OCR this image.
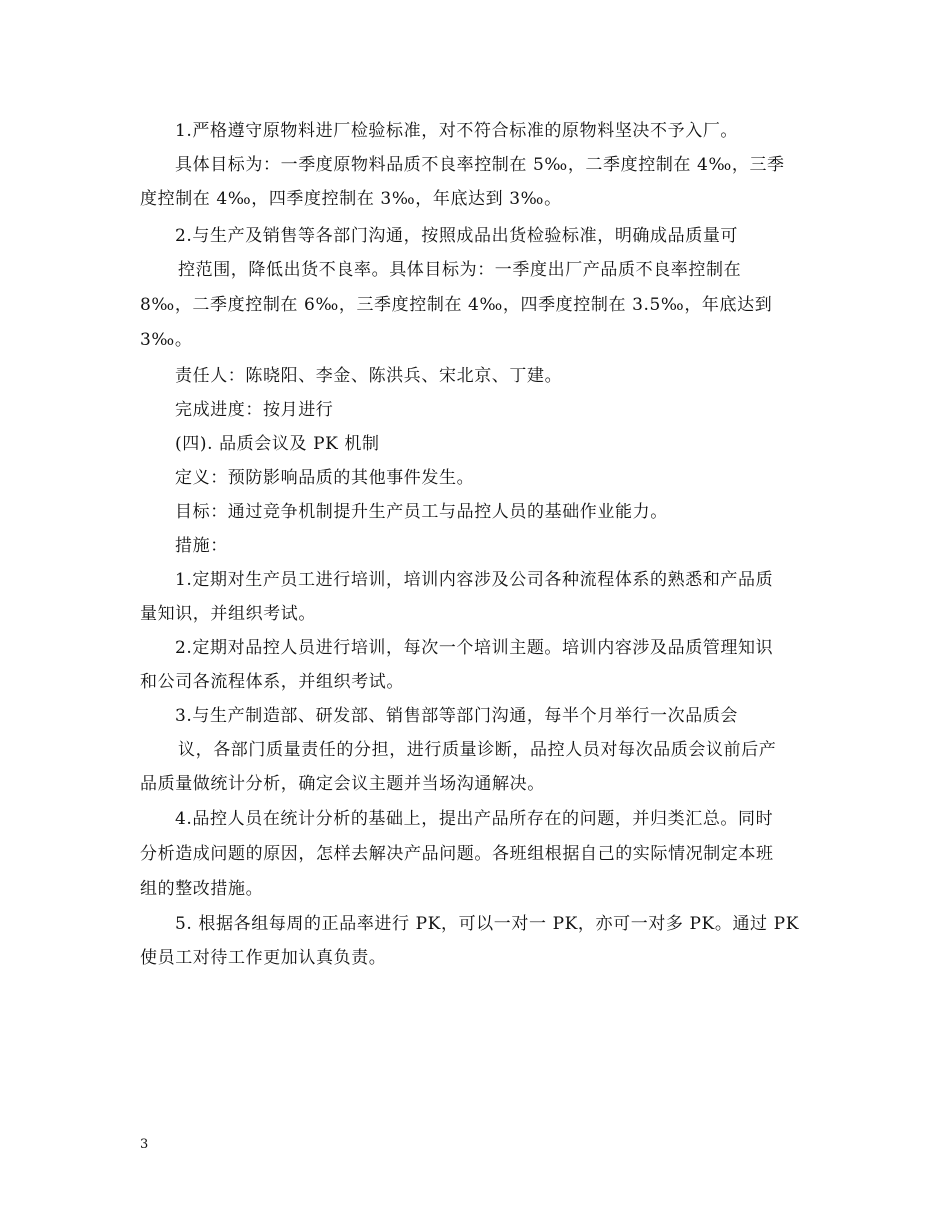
1.严格遵守原物料进厂检验标准，对不符合标准的原物料坚决不予入厂。
具体目标为：一季度原物料品质不良率控制在 5‰，二季度控制在 4‰，三季
度控制在 4‰，四季度控制在 3‰，年底达到 3‰。
2.与生产及销售等各部门沟通，按照成品出货检验标准，明确成品质量可
控范围，降低出货不良率。具体目标为：一季度出厂产品质不良率控制在
8‰，二季度控制在 6‰，三季度控制在 4‰，四季度控制在 3.5‰，年底达到
3‰。
责任人：陈晓阳、李金、陈洪兵、宋北京、丁建。
完成进度：按月进行
(四). 品质会议及 PK 机制
定义：预防影响品质的其他事件发生。
目标：通过竞争机制提升生产员工与品控人员的基础作业能力。
措施：
1.定期对生产员工进行培训，培训内容涉及公司各种流程体系的熟悉和产品质
量知识，并组织考试。
2.定期对品控人员进行培训，每次一个培训主题。培训内容涉及品质管理知识
和公司各流程体系，并组织考试。
3.与生产制造部、研发部、销售部等部门沟通，每半个月举行一次品质会
议，各部门质量责任的分担，进行质量诊断，品控人员对每次品质会议前后产
品质量做统计分析，确定会议主题并当场沟通解决。
4.品控人员在统计分析的基础上，提出产品所存在的问题，并归类汇总。同时
分析造成问题的原因，怎样去解决产品问题。各班组根据自己的实际情况制定本班
组的整改措施。
5. 根据各组每周的正品率进行 PK，可以一对一 PK，亦可一对多 PK。通过 PK
使员工对待工作更加认真负责。
3
